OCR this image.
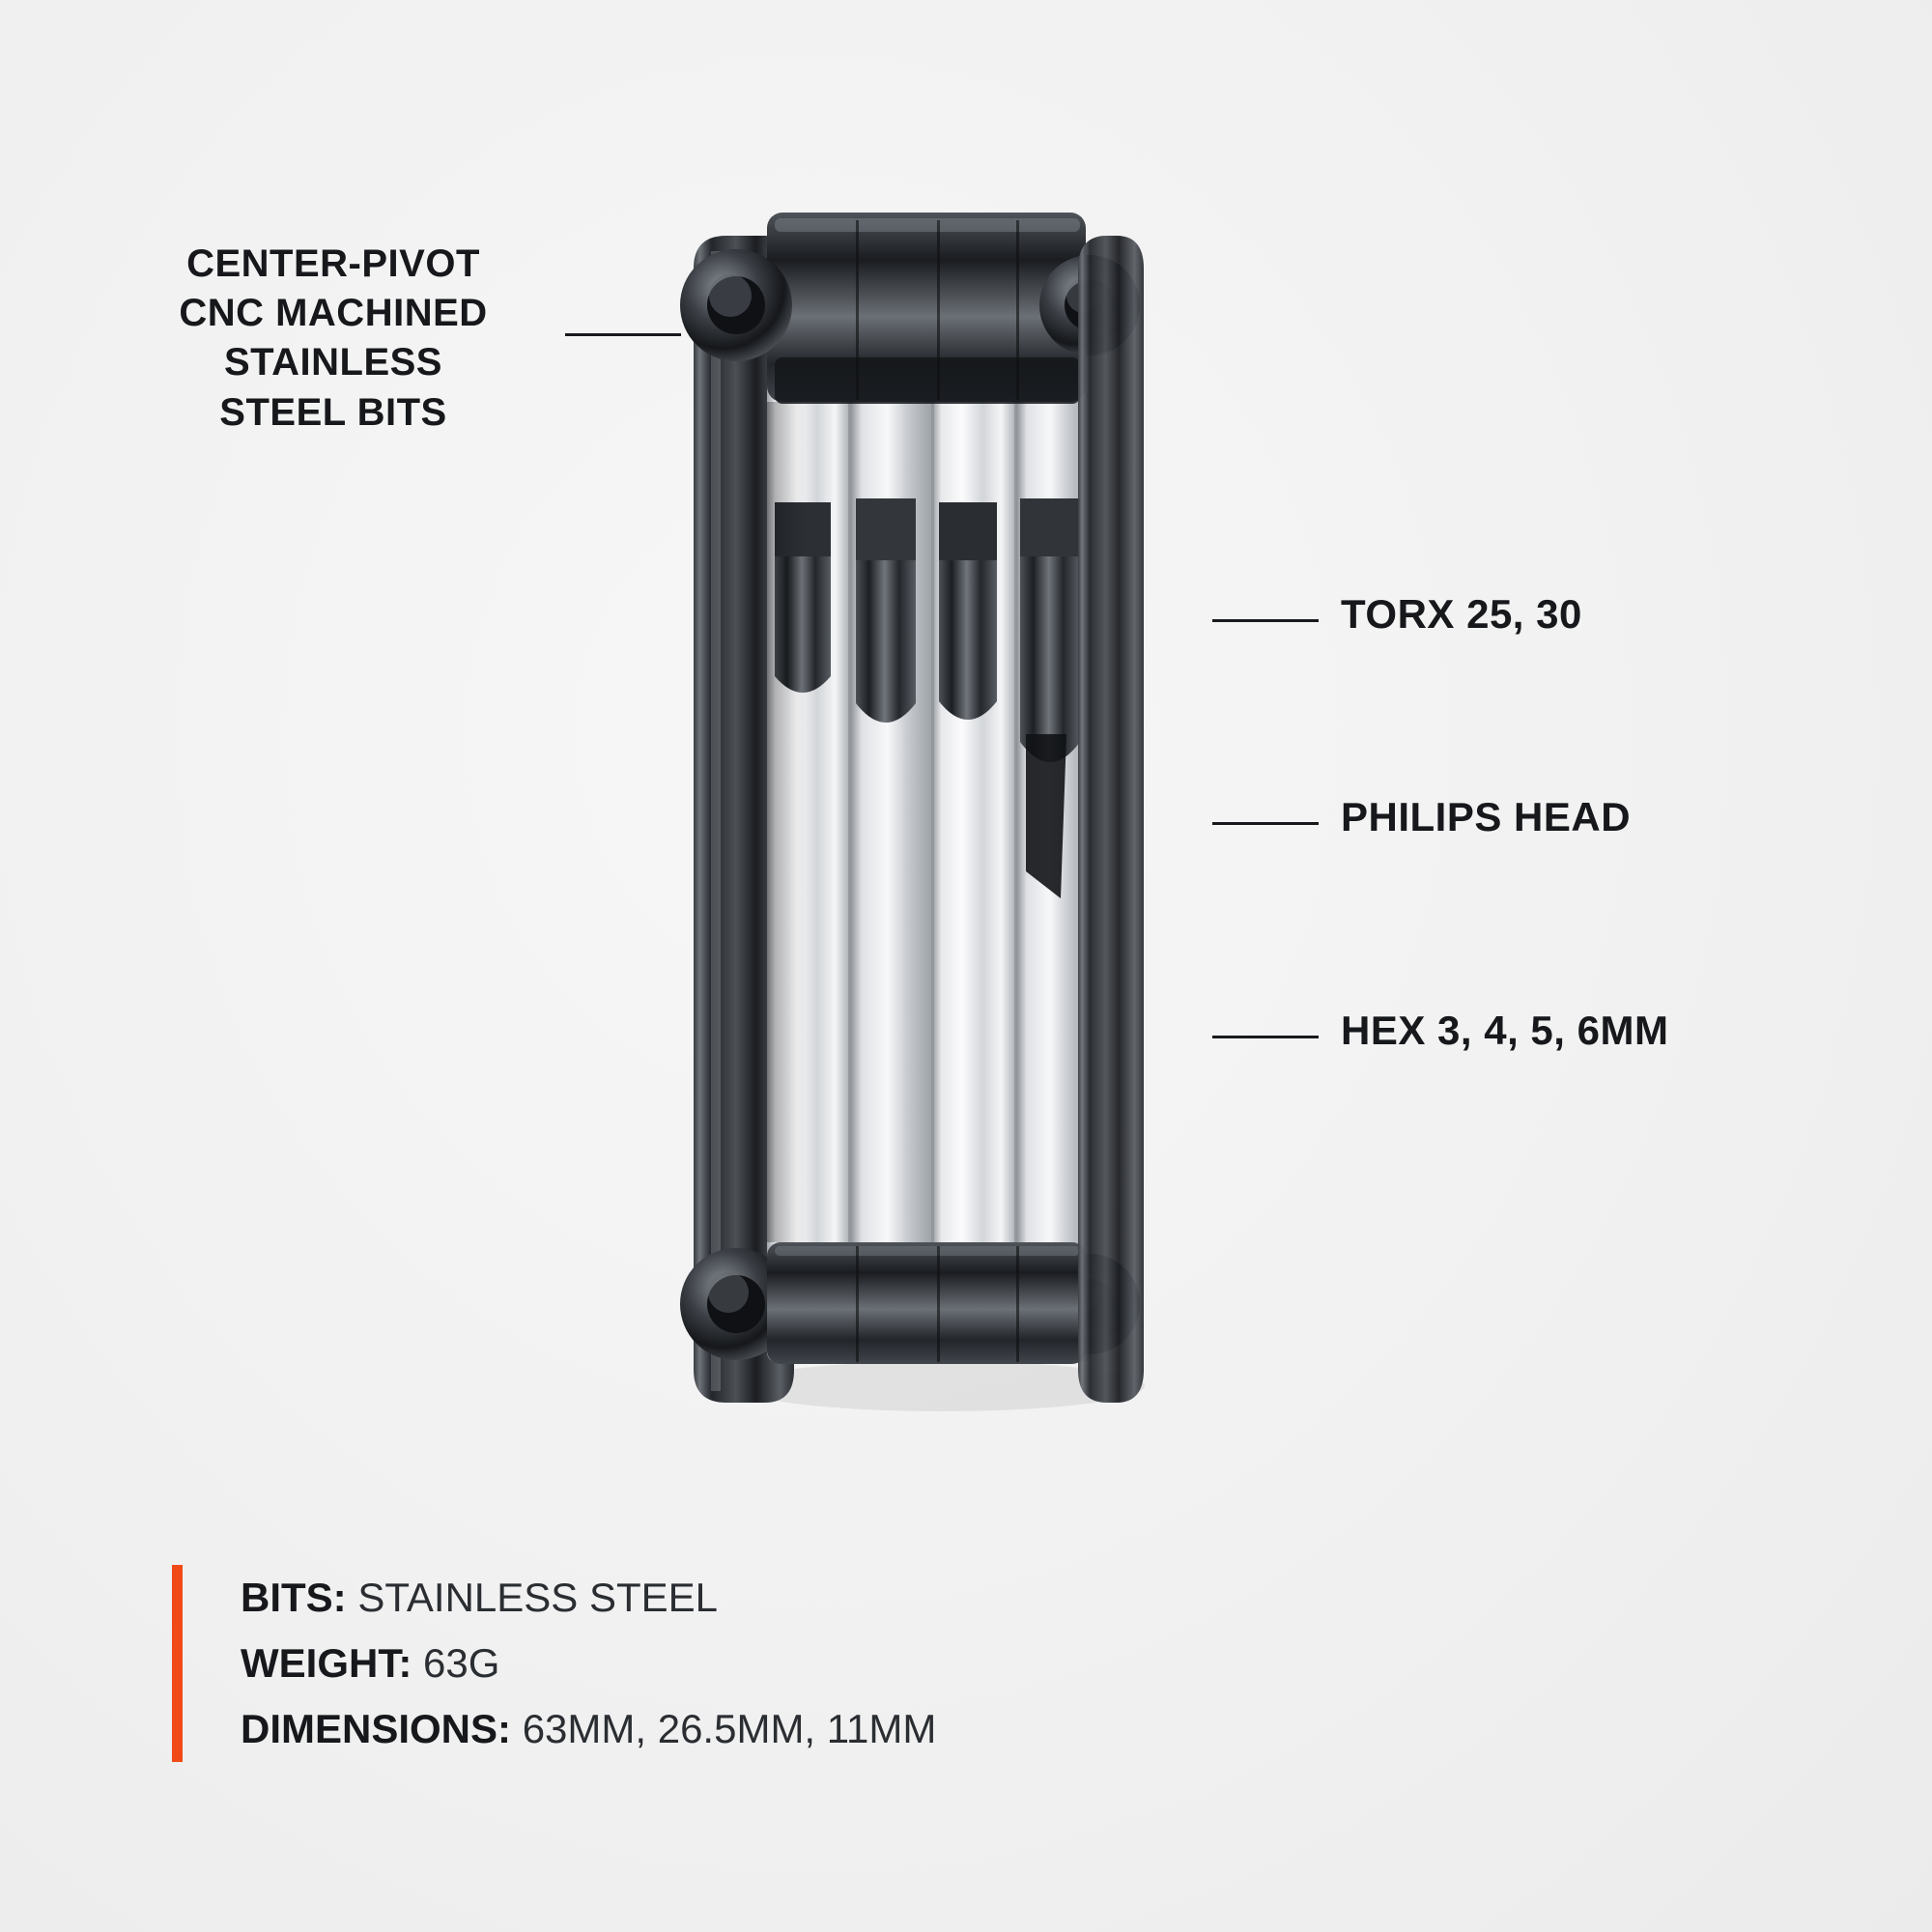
CENTER-PIVOT
CNC MACHINED
STAINLESS
STEEL BITS
TORX 25, 30
PHILIPS HEAD
HEX 3, 4, 5, 6MM
BITS: STAINLESS STEEL
WEIGHT: 63G
DIMENSIONS: 63MM, 26.5MM, 11MM
